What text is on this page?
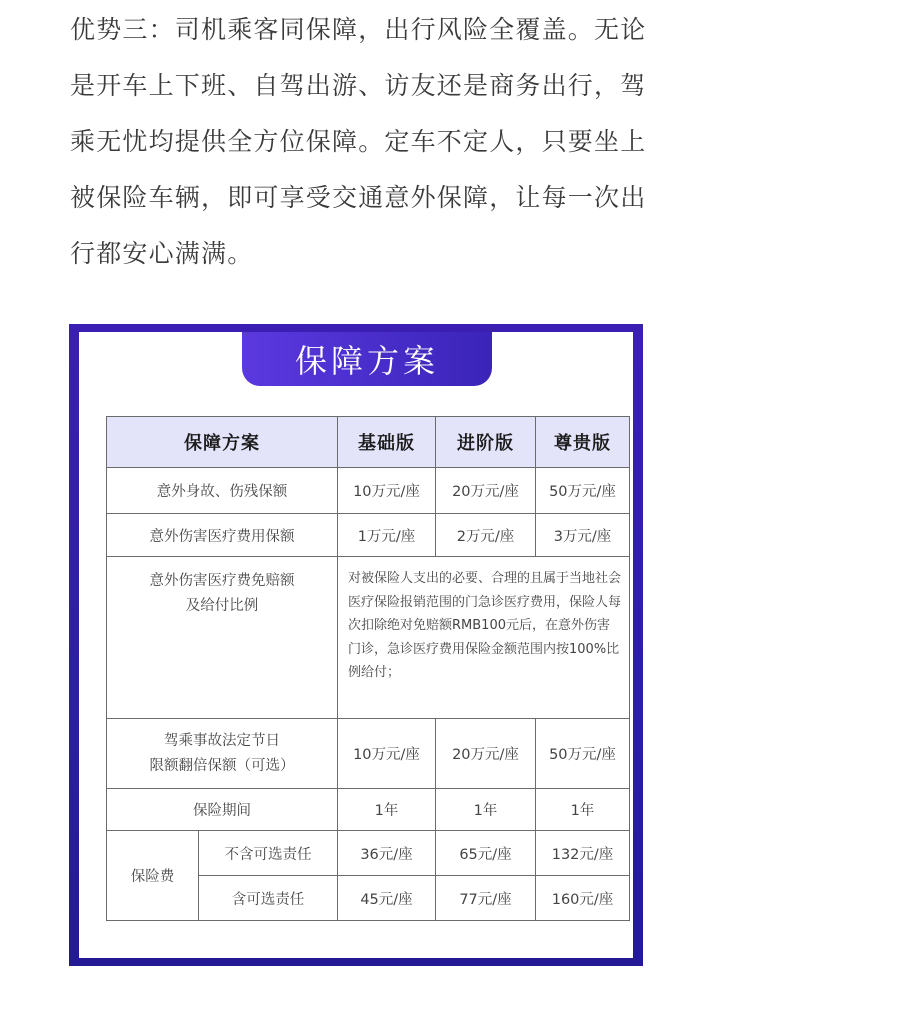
优势三：司机乘客同保障，出行风险全覆盖。无论是开车上下班、自驾出游、访友还是商务出行，驾乘无忧均提供全方位保障。定车不定人，只要坐上被保险车辆，即可享受交通意外保障，让每一次出行都安心满满。

保障方案
保障方案		基础版	进阶版	尊贵版
意外身故、伤残保额		10万元/座	20万元/座	50万元/座
意外伤害医疗费用保额		1万元/座	2万元/座	3万元/座

意外伤害医疗费免赔额
及给付比例		对被保险人支出的必要、合理的且属于当地社会医疗保险报销范围的门急诊医疗费用，保险人每次扣除绝对免赔额RMB100元后，在意外伤害门诊，急诊医疗费用保险金额范围内按100%比例给付；		

驾乘事故法定节日
限额翻倍保额（可选）		10万元/座	20万元/座	50万元/座
保险期间		1年	1年	1年
保险费	不含可选责任	36元/座	65元/座	132元/座
	含可选责任	45元/座	77元/座	160元/座
